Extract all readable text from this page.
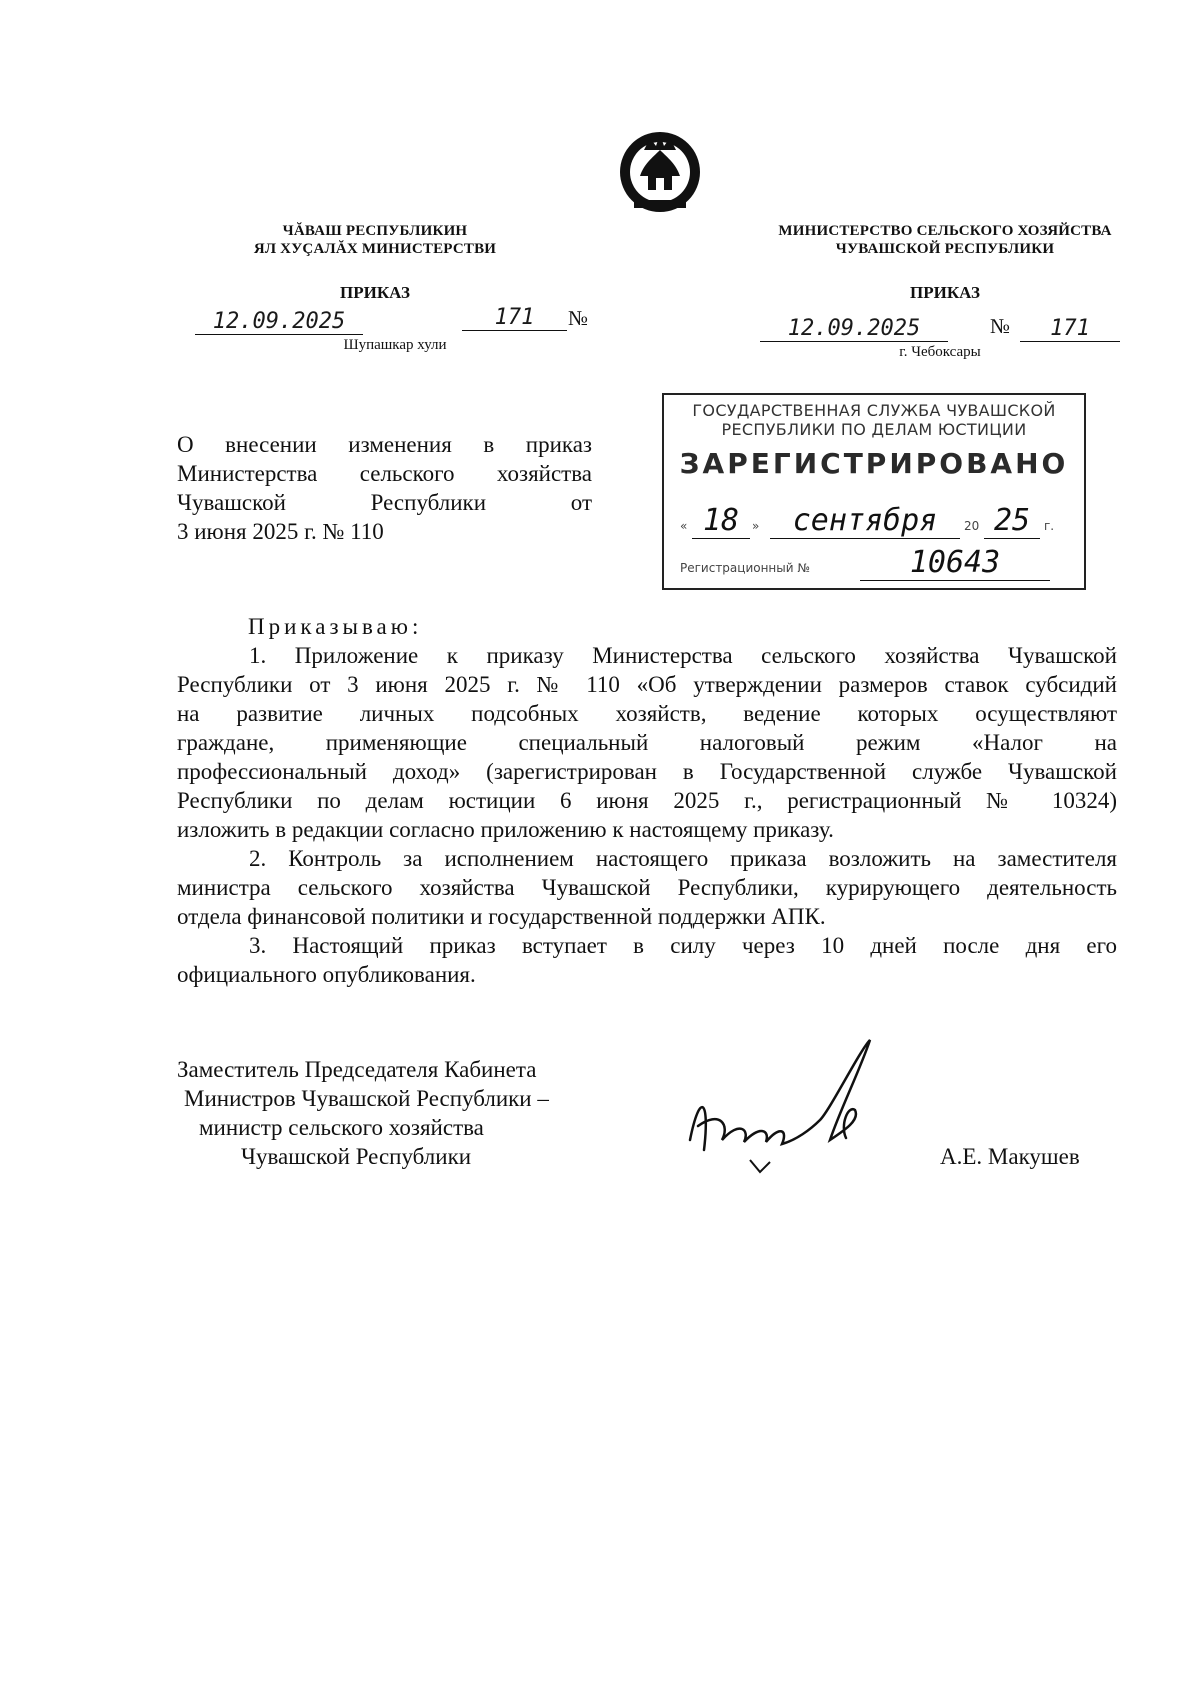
ЧĂВАШ РЕСПУБЛИКИН
ЯЛ ХУÇАЛĂХ МИНИСТЕРСТВИ
ПРИКАЗ
12.09.2025	171	№
Шупашкар хули
МИНИСТЕРСТВО СЕЛЬСКОГО ХОЗЯЙСТВА
ЧУВАШСКОЙ РЕСПУБЛИКИ
ПРИКАЗ
12.09.2025	№	171
г. Чебоксары
О внесении изменения в приказ
Министерства сельского хозяйства
Чувашской	Республики	от
3 июня 2025 г. № 110
ГОСУДАРСТВЕННАЯ СЛУЖБА ЧУВАШСКОЙ
РЕСПУБЛИКИ ПО ДЕЛАМ ЮСТИЦИИ
ЗАРЕГИСТРИРОВАНО
« 18	»	сентября	20 25	г.
Регистрационный №	10643
Приказываю:
1. Приложение к приказу Министерства сельского хозяйства Чувашской
Республики от 3 июня 2025 г. № 110 «Об утверждении размеров ставок субсидий
на развитие личных подсобных хозяйств, ведение которых осуществляют
граждане, применяющие специальный налоговый режим «Налог на
профессиональный доход» (зарегистрирован в Государственной службе Чувашской
Республики по делам юстиции 6 июня 2025 г., регистрационный № 10324)
изложить в редакции согласно приложению к настоящему приказу.
2. Контроль за исполнением настоящего приказа возложить на заместителя
министра сельского хозяйства Чувашской Республики, курирующего деятельность
отдела финансовой политики и государственной поддержки АПК.
3. Настоящий приказ вступает в силу через 10 дней после дня его
официального опубликования.
Заместитель Председателя Кабинета
Министров Чувашской Республики –
министр сельского хозяйства
Чувашской Республики	А.Е. Макушев
